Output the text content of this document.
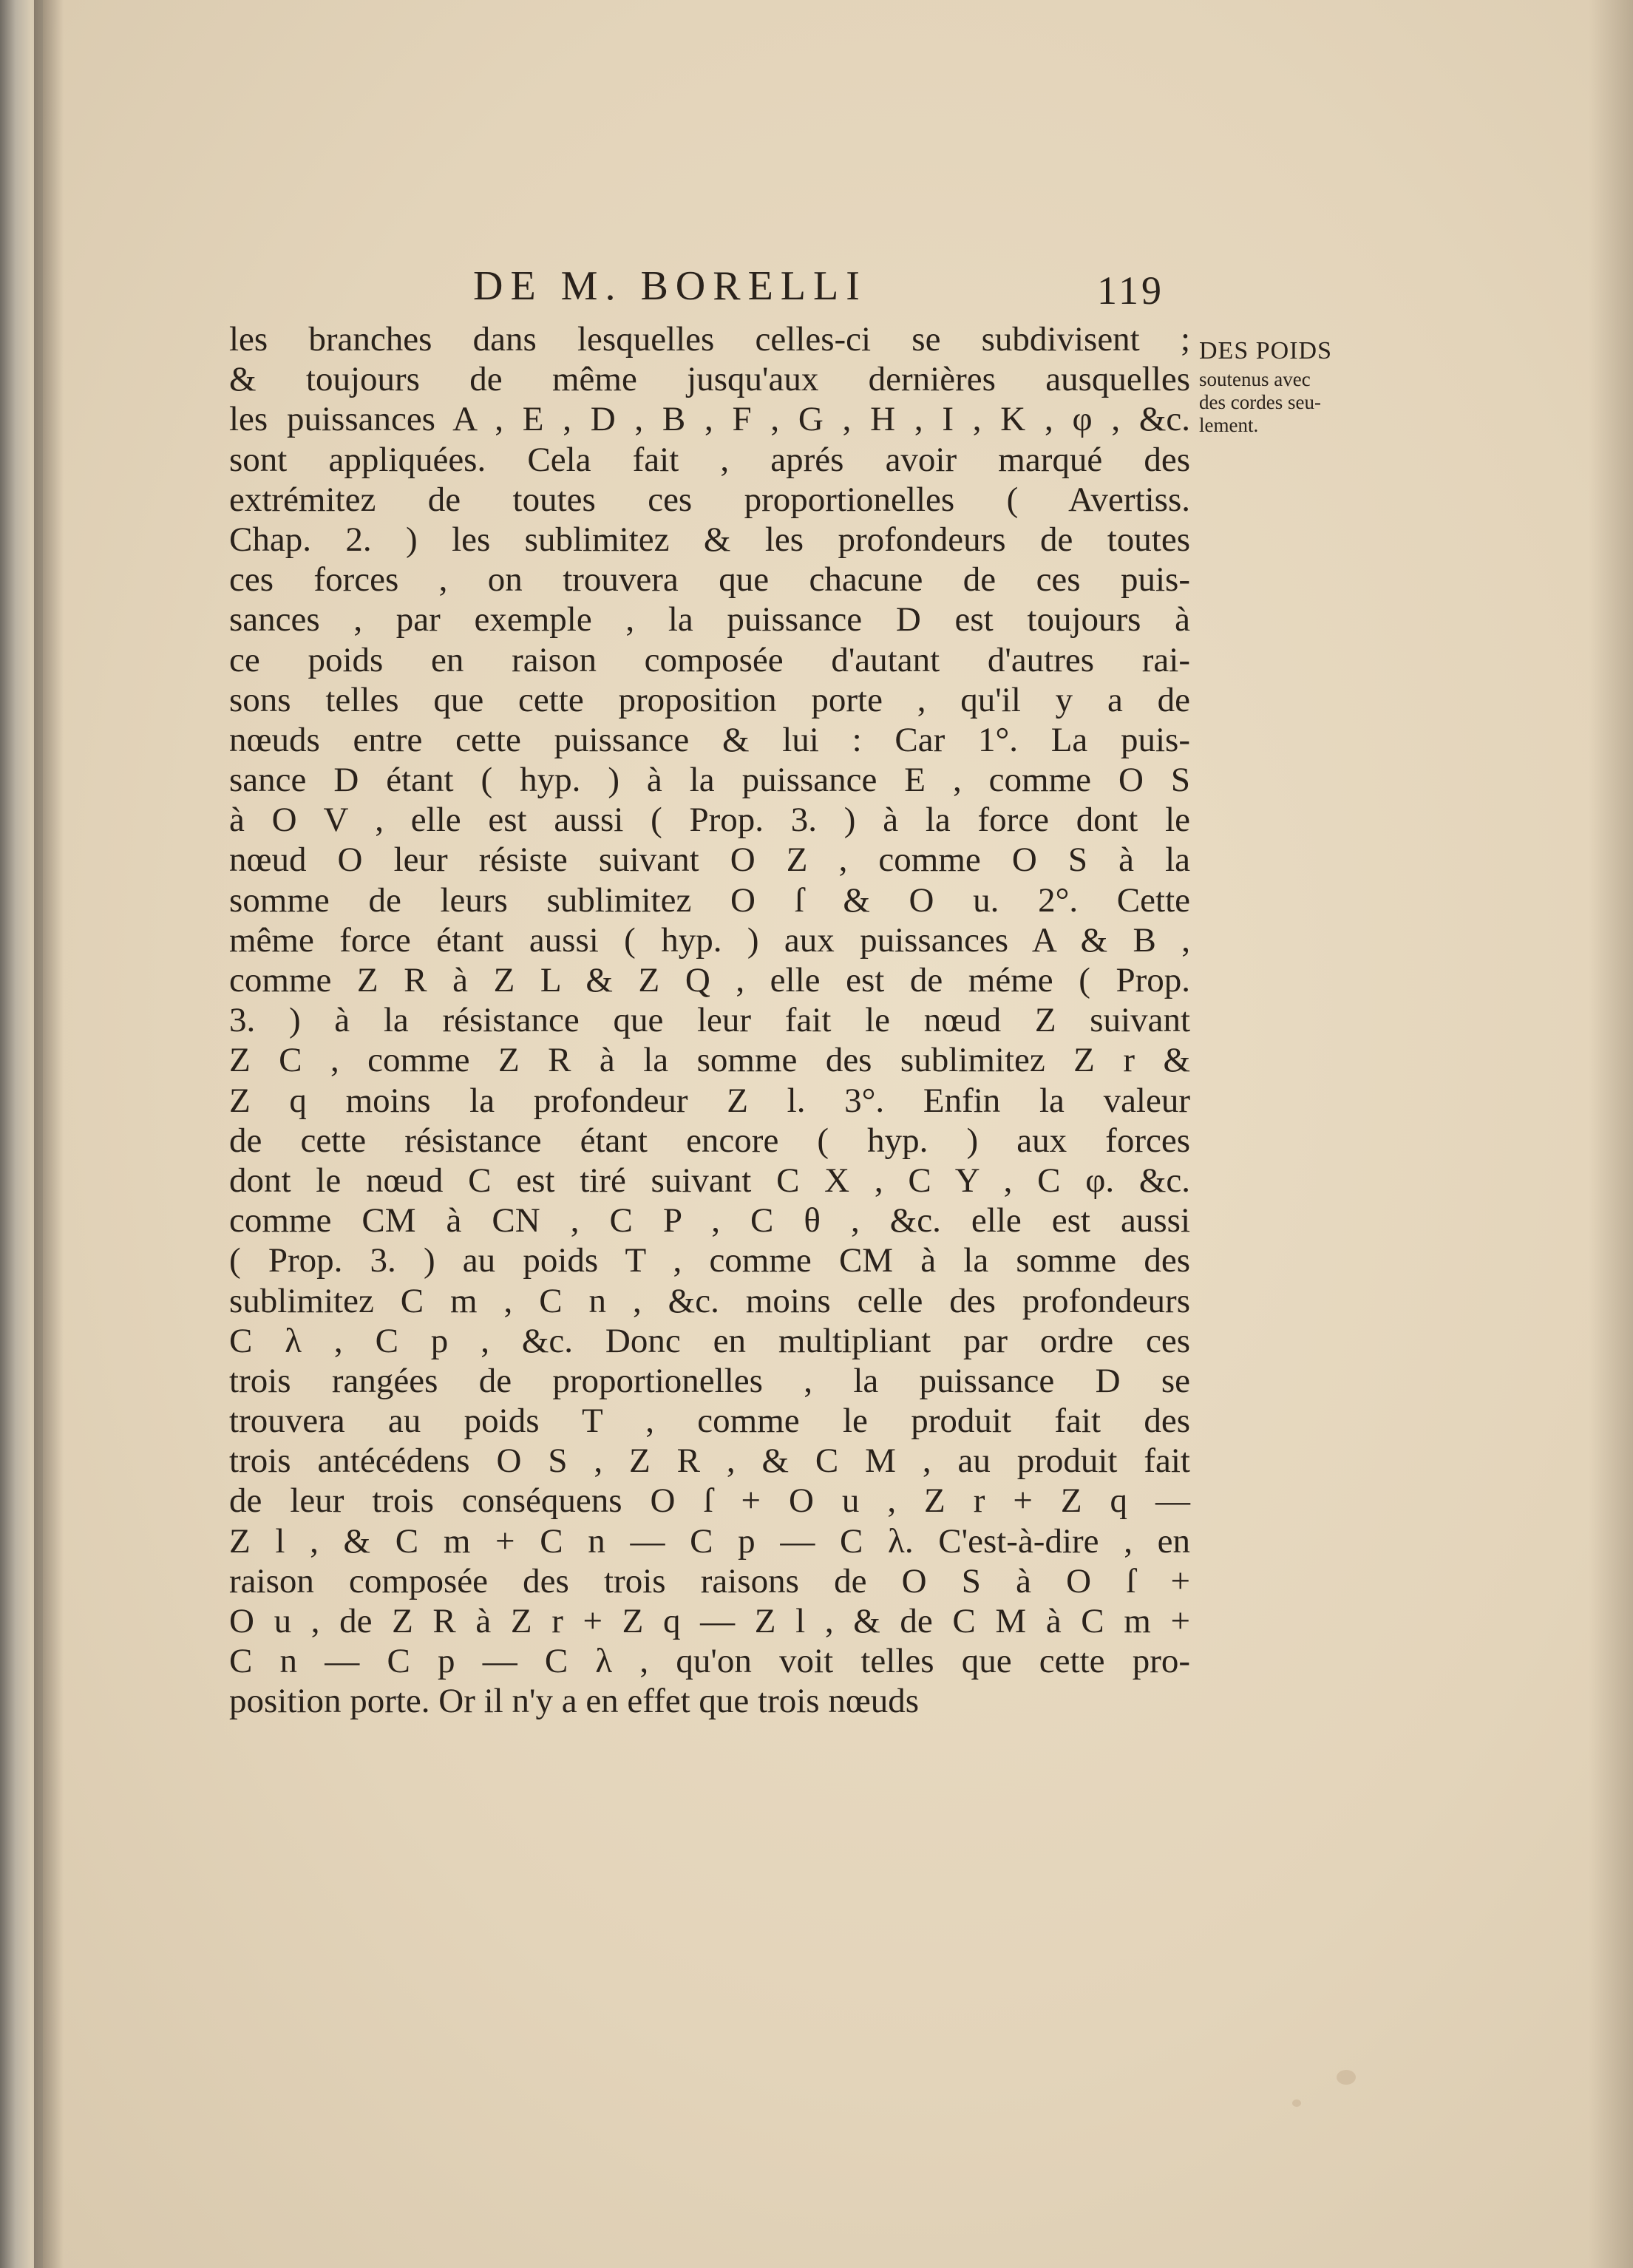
DE M. BORELLI	119
DES POIDS
soutenus avec
des cordes seu-
lement.
les branches dans lesquelles celles-ci se subdivisent ;
& toujours de même jusqu'aux dernières ausquelles
les puissances A , E , D , B , F , G , H , I , K , φ , &c.
sont appliquées. Cela fait , aprés avoir marqué des
extrémitez de toutes ces proportionelles ( Avertiss.
Chap. 2. ) les sublimitez & les profondeurs de toutes
ces forces , on trouvera que chacune de ces puis-
sances , par exemple , la puissance D est toujours à
ce poids en raison composée d'autant d'autres rai-
sons telles que cette proposition porte , qu'il y a de
nœuds entre cette puissance & lui : Car 1°. La puis-
sance D étant ( hyp. ) à la puissance E , comme O S
à O V , elle est aussi ( Prop. 3. ) à la force dont le
nœud O leur résiste suivant O Z , comme O S à la
somme de leurs sublimitez O ſ & O u. 2°. Cette
même force étant aussi ( hyp. ) aux puissances A & B ,
comme Z R à Z L & Z Q , elle est de méme ( Prop.
3. ) à la résistance que leur fait le nœud Z suivant
Z C , comme Z R à la somme des sublimitez Z r &
Z q moins la profondeur Z l. 3°. Enfin la valeur
de cette résistance étant encore ( hyp. ) aux forces
dont le nœud C est tiré suivant C X , C Y , C φ. &c.
comme CM à CN , C P , C θ , &c. elle est aussi
( Prop. 3. ) au poids T , comme CM à la somme des
sublimitez C m , C n , &c. moins celle des profondeurs
C λ , C p , &c. Donc en multipliant par ordre ces
trois rangées de proportionelles , la puissance D se
trouvera au poids T , comme le produit fait des
trois antécédens O S , Z R , & C M , au produit fait
de leur trois conséquens O ſ + O u , Z r + Z q —
Z l , & C m + C n — C p — C λ. C'est-à-dire , en
raison composée des trois raisons de O S à O ſ +
O u , de Z R à Z r + Z q — Z l , & de C M à C m +
C n — C p — C λ , qu'on voit telles que cette pro-
position porte. Or il n'y a en effet que trois nœuds
